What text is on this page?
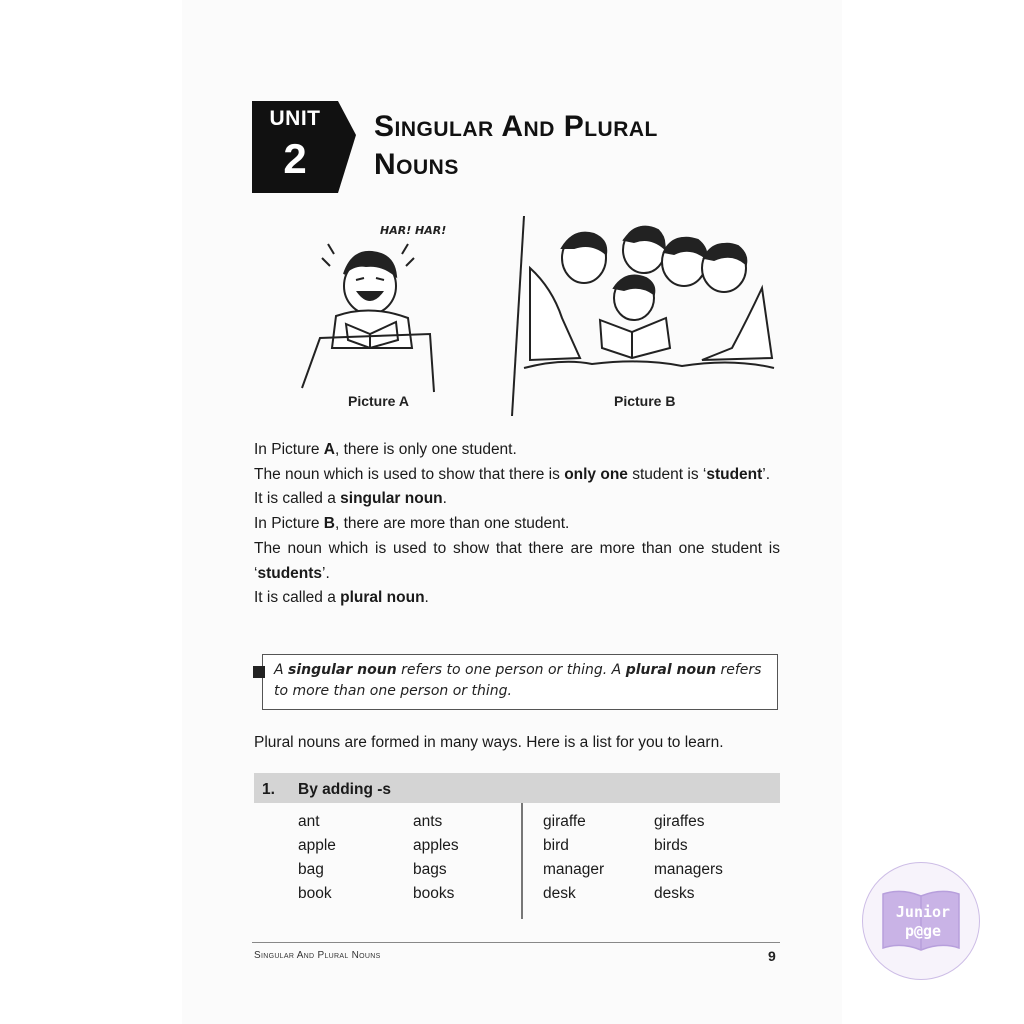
UNIT
2
Singular And Plural
Nouns
HAR! HAR!
Picture A	Picture B

In Picture A, there is only one student.

The noun which is used to show that there is only one student is ‘student’.

It is called a singular noun.

In Picture B, there are more than one student.

The noun which is used to show that there are more than one student is ‘students’.

It is called a plural noun.

A singular noun refers to one person or thing. A plural noun refers to more than one person or thing.
Plural nouns are formed in many ways. Here is a list for you to learn.
1. By adding -s
ant	ants	giraffe	giraffes
apple	apples	bird	birds
bag	bags	manager	managers
book	books	desk	desks
Singular And Plural Nouns	9
Junior
p@ge
